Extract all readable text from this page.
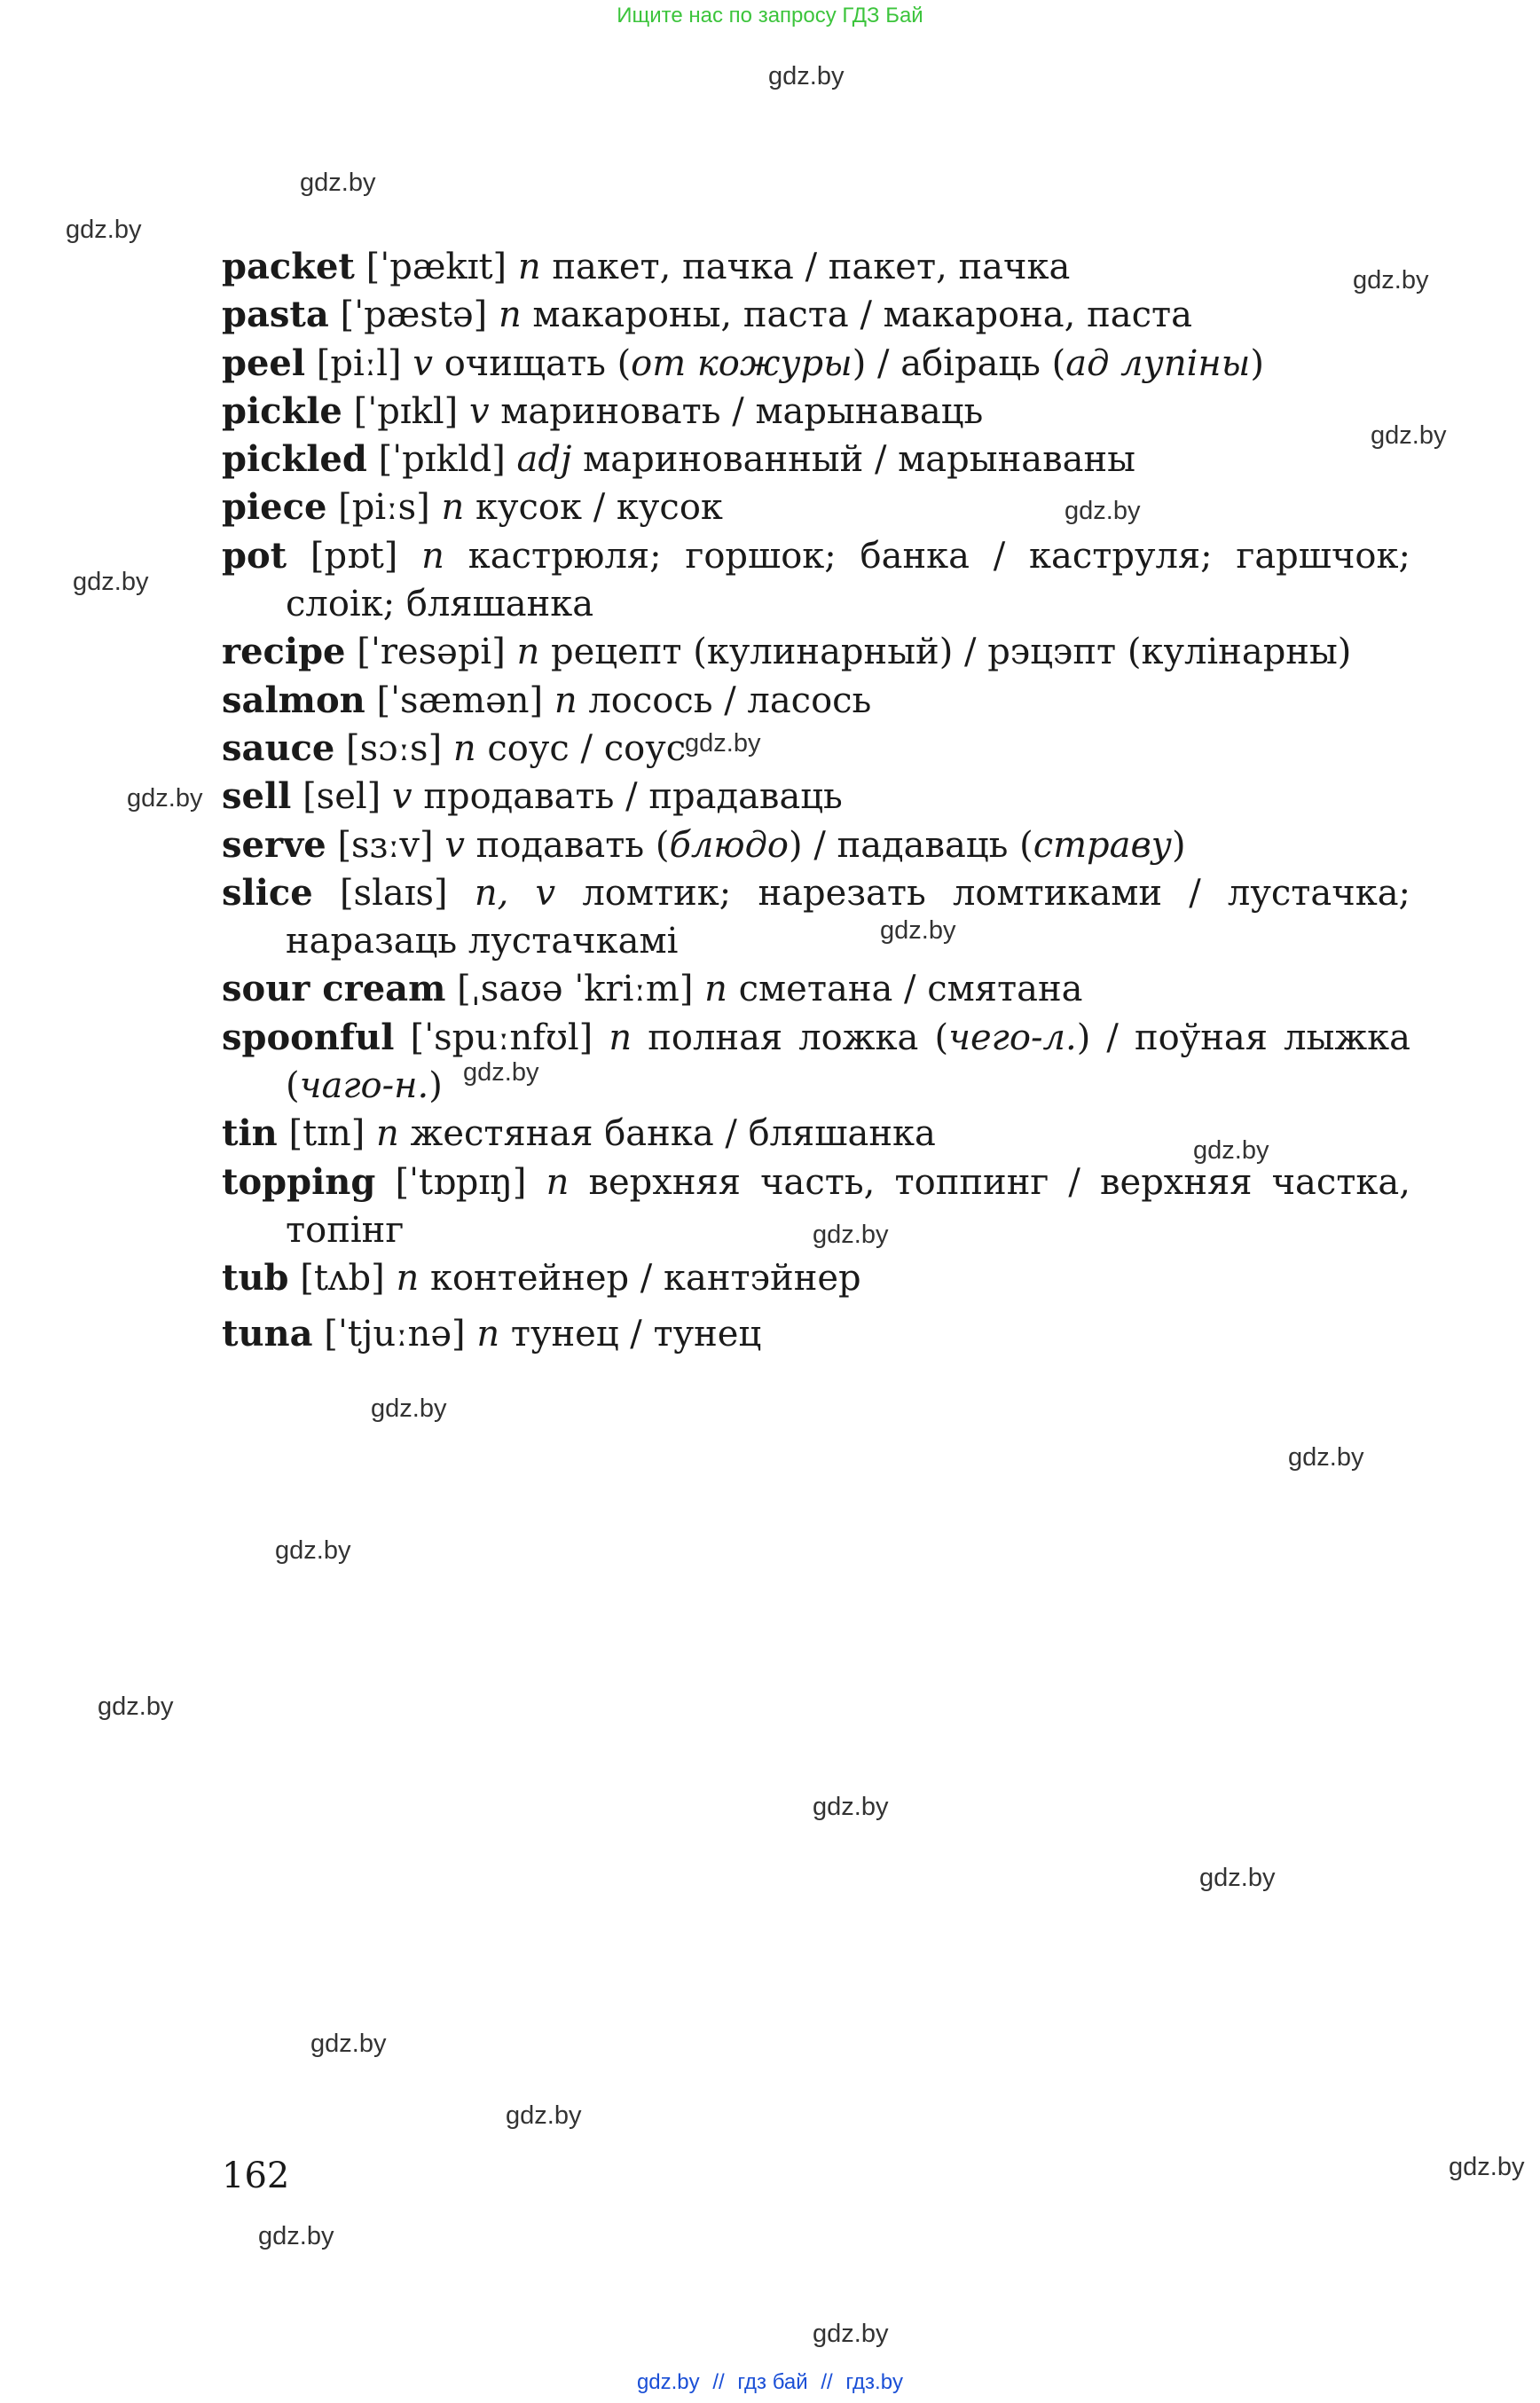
Ищите нас по запросу ГДЗ Бай
gdz.by
gdz.by
gdz.by
gdz.by
gdz.by
gdz.by
gdz.by
gdz.by
gdz.by
gdz.by
gdz.by
gdz.by
gdz.by
gdz.by
gdz.by
gdz.by
gdz.by
gdz.by
gdz.by
gdz.by
gdz.by
gdz.by
gdz.by
gdz.by

packet [ˈpækɪt] n пакет, пачка / пакет, пачка

pasta [ˈpæstə] n макароны, паста / макарона, паста

peel [piːl] v очищать (от кожуры) / абіраць (ад лупіны)

pickle [ˈpɪkl] v мариновать / марынаваць

pickled [ˈpɪkld] adj маринованный / марынаваны

piece [piːs] n кусок / кусок

pot [pɒt] n кастрюля; горшок; банка / каструля; гаршчок; слоік; бляшанка

recipe [ˈresəpi] n рецепт (кулинарный) / рэцэпт (кулінарны)

salmon [ˈsæmən] n лосось / ласось

sauce [sɔːs] n соус / соус

sell [sel] v продавать / прадаваць

serve [sɜːv] v подавать (блюдо) / падаваць (страву)

slice [slaɪs] n, v ломтик; нарезать ломтиками / лустачка; наразаць лустачкамі

sour cream [ˌsaʊə ˈkriːm] n сметана / смятана

spoonful [ˈspuːnfʊl] n полная ложка (чего-л.) / поўная лыжка (чаго-н.)

tin [tɪn] n жестяная банка / бляшанка

topping [ˈtɒpɪŋ] n верхняя часть, топпинг / верхняя частка, топінг

tub [tʌb] n контейнер / кантэйнер

tuna [ˈtjuːnə] n тунец / тунец

162
gdz.by // гдз бай // гдз.by
